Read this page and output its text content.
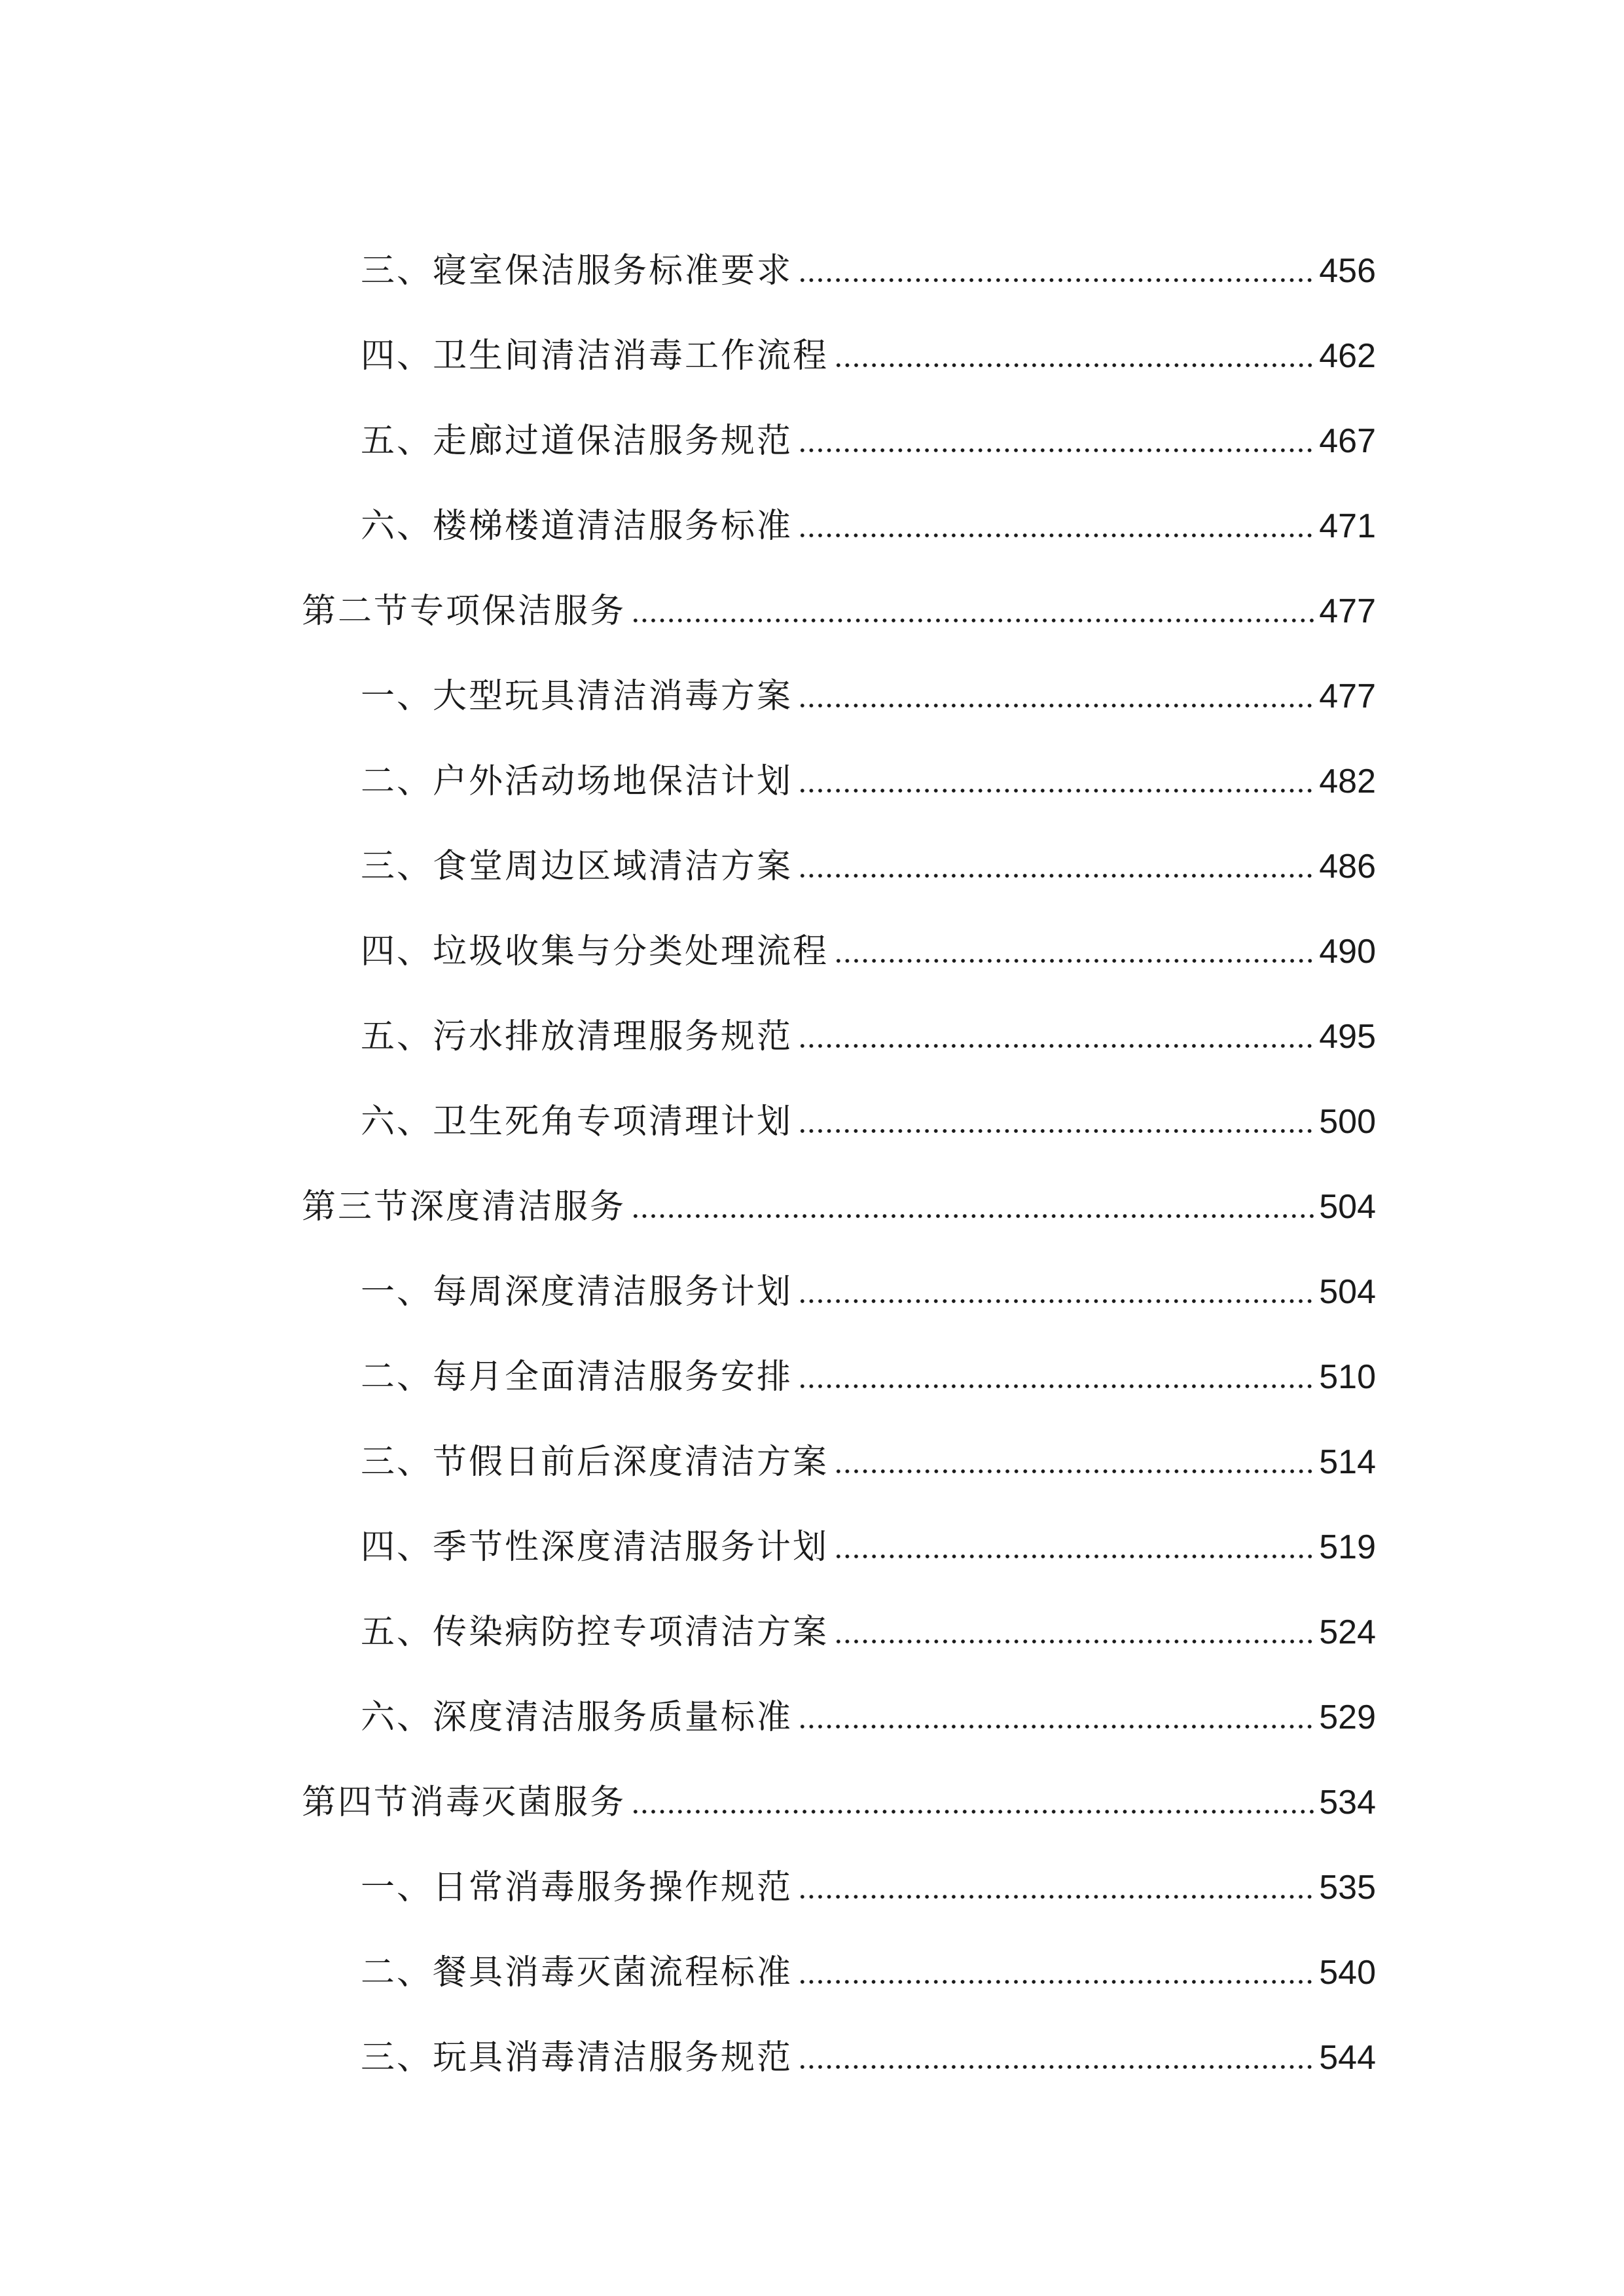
三、寝室保洁服务标准要求	456
四、卫生间清洁消毒工作流程	462
五、走廊过道保洁服务规范	467
六、楼梯楼道清洁服务标准	471
第二节专项保洁服务	477
一、大型玩具清洁消毒方案	477
二、户外活动场地保洁计划	482
三、食堂周边区域清洁方案	486
四、垃圾收集与分类处理流程	490
五、污水排放清理服务规范	495
六、卫生死角专项清理计划	500
第三节深度清洁服务	504
一、每周深度清洁服务计划	504
二、每月全面清洁服务安排	510
三、节假日前后深度清洁方案	514
四、季节性深度清洁服务计划	519
五、传染病防控专项清洁方案	524
六、深度清洁服务质量标准	529
第四节消毒灭菌服务	534
一、日常消毒服务操作规范	535
二、餐具消毒灭菌流程标准	540
三、玩具消毒清洁服务规范	544
